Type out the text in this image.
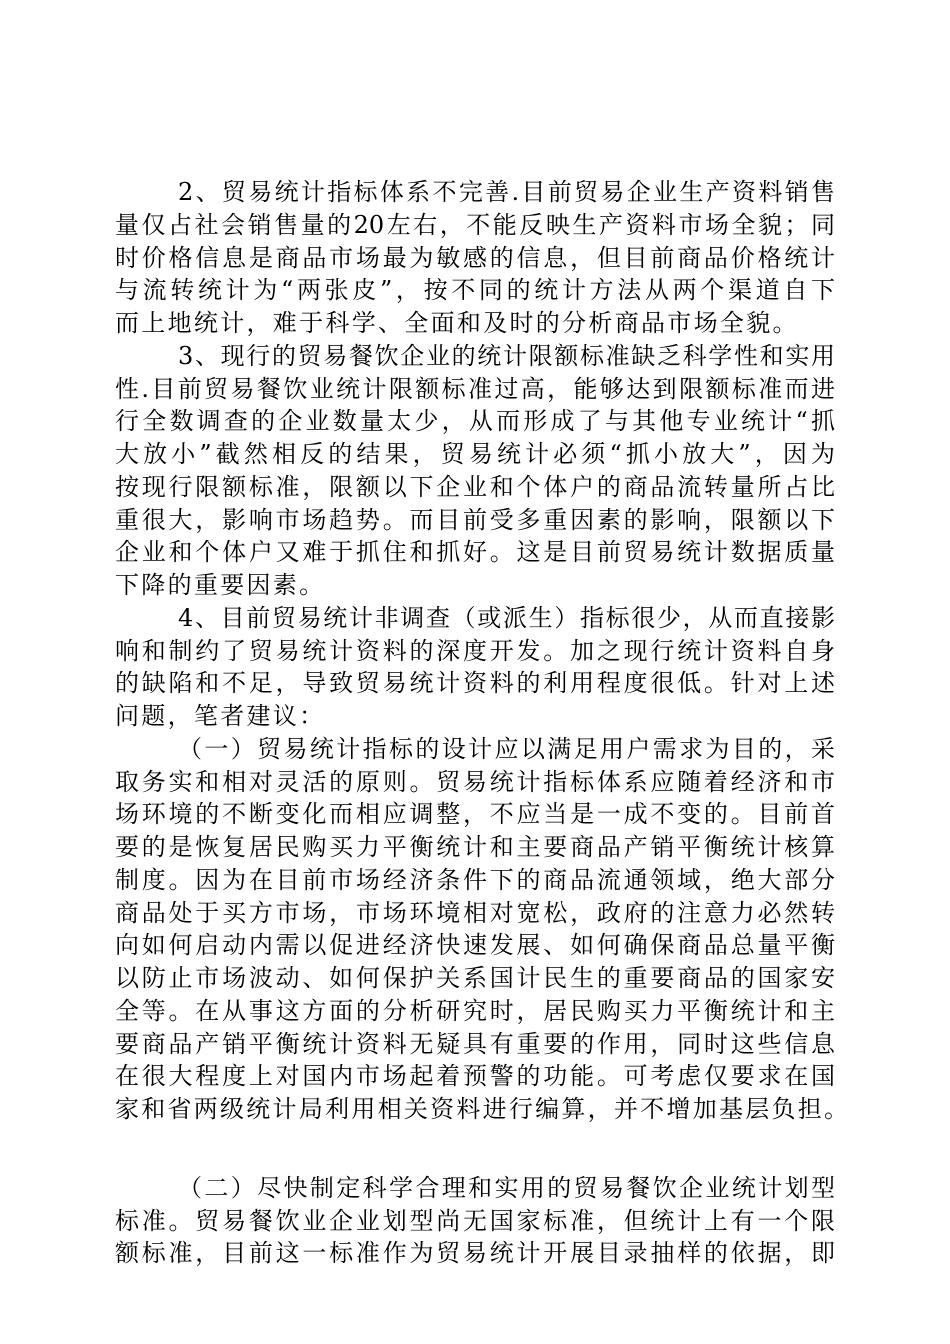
2、贸易统计指标体系不完善.目前贸易企业生产资料销售
量仅占社会销售量的20左右，不能反映生产资料市场全貌；同
时价格信息是商品市场最为敏感的信息，但目前商品价格统计
与流转统计为“两张皮”，按不同的统计方法从两个渠道自下
而上地统计，难于科学、全面和及时的分析商品市场全貌。
3、现行的贸易餐饮企业的统计限额标准缺乏科学性和实用
性.目前贸易餐饮业统计限额标准过高，能够达到限额标准而进
行全数调查的企业数量太少，从而形成了与其他专业统计“抓
大放小”截然相反的结果，贸易统计必须“抓小放大”，因为
按现行限额标准，限额以下企业和个体户的商品流转量所占比
重很大，影响市场趋势。而目前受多重因素的影响，限额以下
企业和个体户又难于抓住和抓好。这是目前贸易统计数据质量
下降的重要因素。
4、目前贸易统计非调查（或派生）指标很少，从而直接影
响和制约了贸易统计资料的深度开发。加之现行统计资料自身
的缺陷和不足，导致贸易统计资料的利用程度很低。针对上述
问题，笔者建议：
（一）贸易统计指标的设计应以满足用户需求为目的，采
取务实和相对灵活的原则。贸易统计指标体系应随着经济和市
场环境的不断变化而相应调整，不应当是一成不变的。目前首
要的是恢复居民购买力平衡统计和主要商品产销平衡统计核算
制度。因为在目前市场经济条件下的商品流通领域，绝大部分
商品处于买方市场，市场环境相对宽松，政府的注意力必然转
向如何启动内需以促进经济快速发展、如何确保商品总量平衡
以防止市场波动、如何保护关系国计民生的重要商品的国家安
全等。在从事这方面的分析研究时，居民购买力平衡统计和主
要商品产销平衡统计资料无疑具有重要的作用，同时这些信息
在很大程度上对国内市场起着预警的功能。可考虑仅要求在国
家和省两级统计局利用相关资料进行编算，并不增加基层负担。
（二）尽快制定科学合理和实用的贸易餐饮企业统计划型
标准。贸易餐饮业企业划型尚无国家标准，但统计上有一个限
额标准，目前这一标准作为贸易统计开展目录抽样的依据，即
